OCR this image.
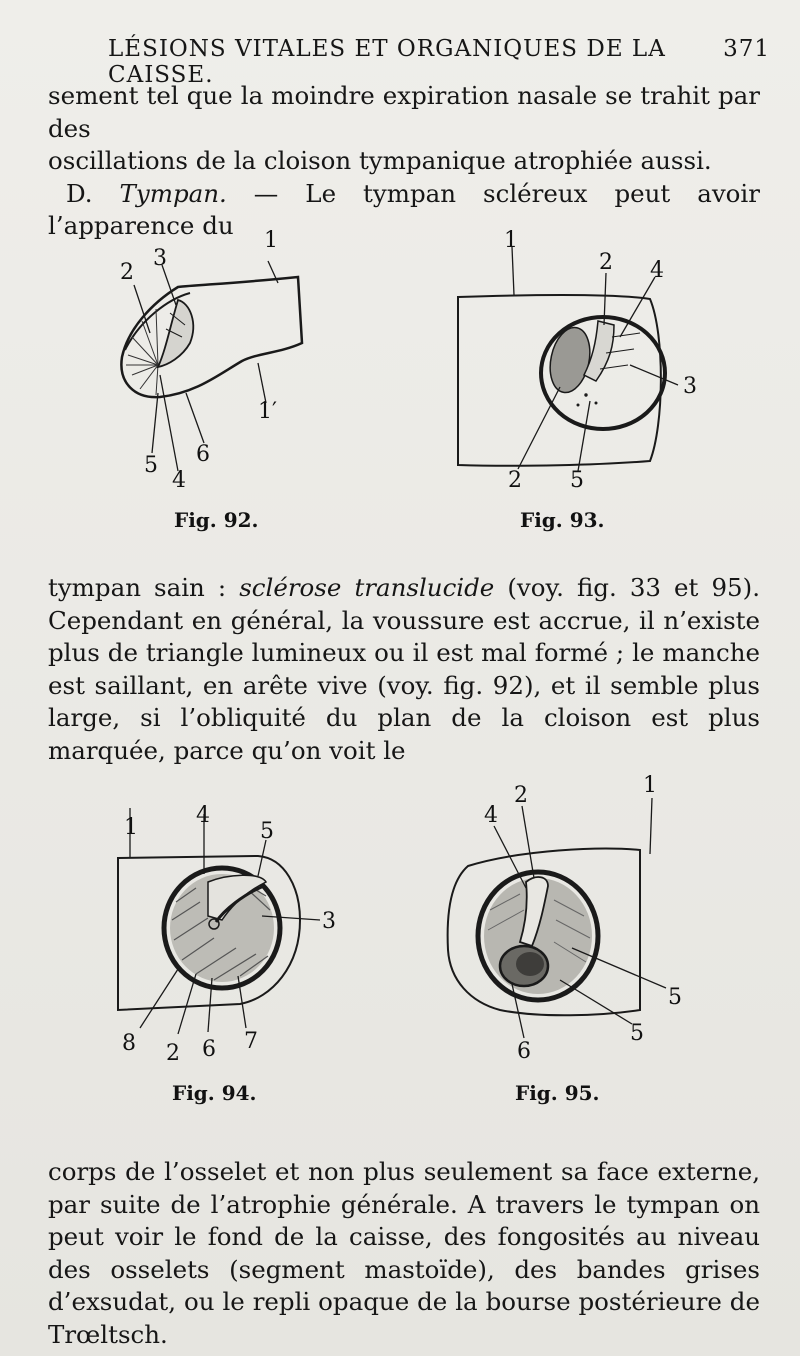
LÉSIONS VITALES ET ORGANIQUES DE LA CAISSE.
371

sement tel que la moindre expiration nasale se trahit par des
oscillations de la cloison tympanique atrophiée aussi.
D. Tympan. — Le tympan scléreux peut avoir l’apparence du

1
1′
2
3
4
5 6
Fig. 92.
1
2
2
3
4
5
Fig. 93.

tympan sain : sclérose translucide (voy. fig. 33 et 95). Cependant en général, la voussure est accrue, il n’existe plus de triangle lumineux ou il est mal formé ; le manche est saillant, en arête vive (voy. fig. 92), et il semble plus large, si l’obliquité du plan de la cloison est plus marquée, parce qu’on voit le

1
2
3
4
5
6 7
8
Fig. 94.
1
2
4
5
5
6
Fig. 95.

corps de l’osselet et non plus seulement sa face externe, par suite de l’atrophie générale. A travers le tympan on peut voir le fond de la caisse, des fongosités au niveau des osselets (segment mastoïde), des bandes grises d’exsudat, ou le repli opaque de la bourse postérieure de Trœltsch.
